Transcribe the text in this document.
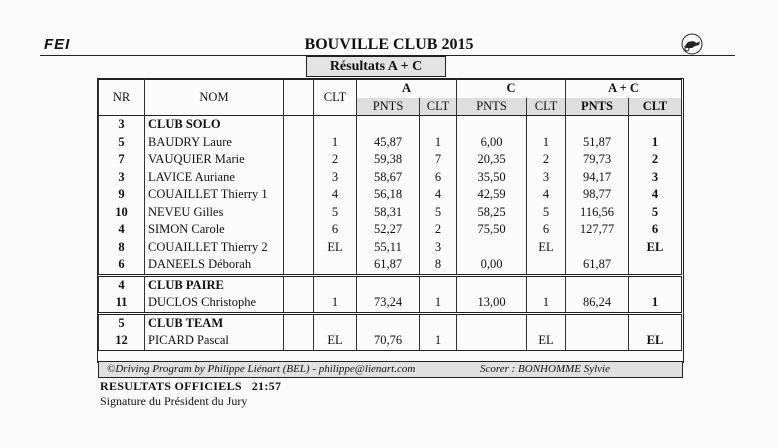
FEI	BOUVILLE CLUB 2015
Résultats A + C
NR	NOM		CLT	A		C		A + C	
				PNTS	CLT	PNTS	CLT	PNTS	CLT
3	CLUB SOLO								
5	BAUDRY Laure		1	45,87	1	6,00	1	51,87	1
7	VAUQUIER Marie		2	59,38	7	20,35	2	79,73	2
3	LAVICE Auriane		3	58,67	6	35,50	3	94,17	3
9	COUAILLET Thierry 1		4	56,18	4	42,59	4	98,77	4
10	NEVEU Gilles		5	58,31	5	58,25	5	116,56	5
4	SIMON Carole		6	52,27	2	75,50	6	127,77	6
8	COUAILLET Thierry 2		EL	55,11	3		EL		EL
6	DANEELS Déborah			61,87	8	0,00		61,87	
4	CLUB PAIRE								
11	DUCLOS Christophe		1	73,24	1	13,00	1	86,24	1
5	CLUB TEAM								
12	PICARD Pascal		EL	70,76	1		EL		EL
©Driving Program by Philippe Liénart (BEL) - philippe@lienart.com	Scorer : BONHOMME Sylvie
RESULTATS OFFICIELS   21:57
Signature du Président du Jury
